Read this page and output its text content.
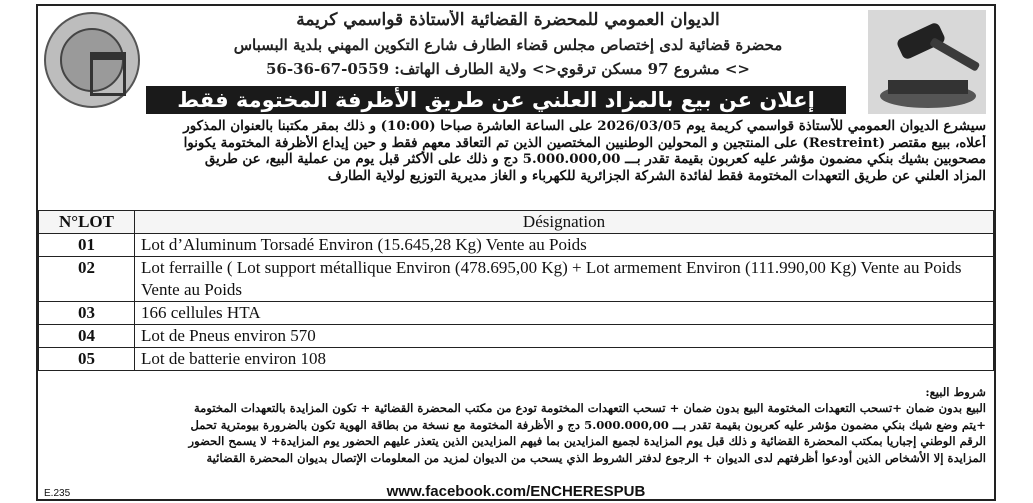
الديوان العمومي للمحضرة القضائية الأستاذة قواسمي كريمة
محضرة قضائية لدى إختصاص مجلس قضاء الطارف شارع التكوين المهني بلدية البسباس
<> مشروع 97 مسكن ترقوي<> ولاية الطارف الهاتف: 0559-67-36-56
إعلان عن بيع بالمزاد العلني عن طريق الأظرفة المختومة فقط
سيشرع الديوان العمومي للأستاذة قواسمي كريمة يوم 2026/03/05 على الساعة العاشرة صباحا (10:00) و ذلك بمقر مكتبنا بالعنوان المذكور
أعلاه، ببيع مقتصر (Restreint) على المنتجين و المحولين الوطنيين المختصين الذين تم التعاقد معهم فقط و حين إيداع الأظرفة المختومة يكونوا
مصحوبين بشيك بنكي مضمون مؤشر عليه كعربون بقيمة تقدر بـــ 5.000.000,00 دج و ذلك على الأكثر قبل يوم من عملية البيع، عن طريق
المزاد العلني عن طريق التعهدات المختومة فقط لفائدة الشركة الجزائرية للكهرباء و الغاز مديرية التوزيع لولاية الطارف
N°LOT	Désignation
01	Lot d’Aluminum Torsadé Environ (15.645,28 Kg) Vente au Poids
02	Lot ferraille ( Lot support métallique Environ (478.695,00 Kg) + Lot armement Environ (111.990,00 Kg) Vente au Poids Vente au Poids
03	166 cellules HTA
04	Lot de Pneus environ 570
05	Lot de batterie environ 108
شروط البيع:
البيع بدون ضمان +تسحب التعهدات المختومة البيع بدون ضمان + تسحب التعهدات المختومة تودع من مكتب المحضرة القضائية + تكون المزايدة بالتعهدات المختومة
+يتم وضع شيك بنكي مضمون مؤشر عليه كعربون بقيمة تقدر بـــ 5.000.000,00 دج و الأظرفة المختومة مع نسخة من بطاقة الهوية تكون بالضرورة بيومترية تحمل
الرقم الوطني إجباريا بمكتب المحضرة القضائية و ذلك قبل يوم المزايدة لجميع المزايدين بما فيهم المزايدين الذين يتعذر عليهم الحضور يوم المزايدة+ لا يسمح الحضور
المزايدة إلا الأشخاص الذين أودعوا أظرفتهم لدى الديوان + الرجوع لدفتر الشروط الذي يسحب من الديوان لمزيد من المعلومات الإتصال بديوان المحضرة القضائية
E.235	www.facebook.com/ENCHERESPUB
